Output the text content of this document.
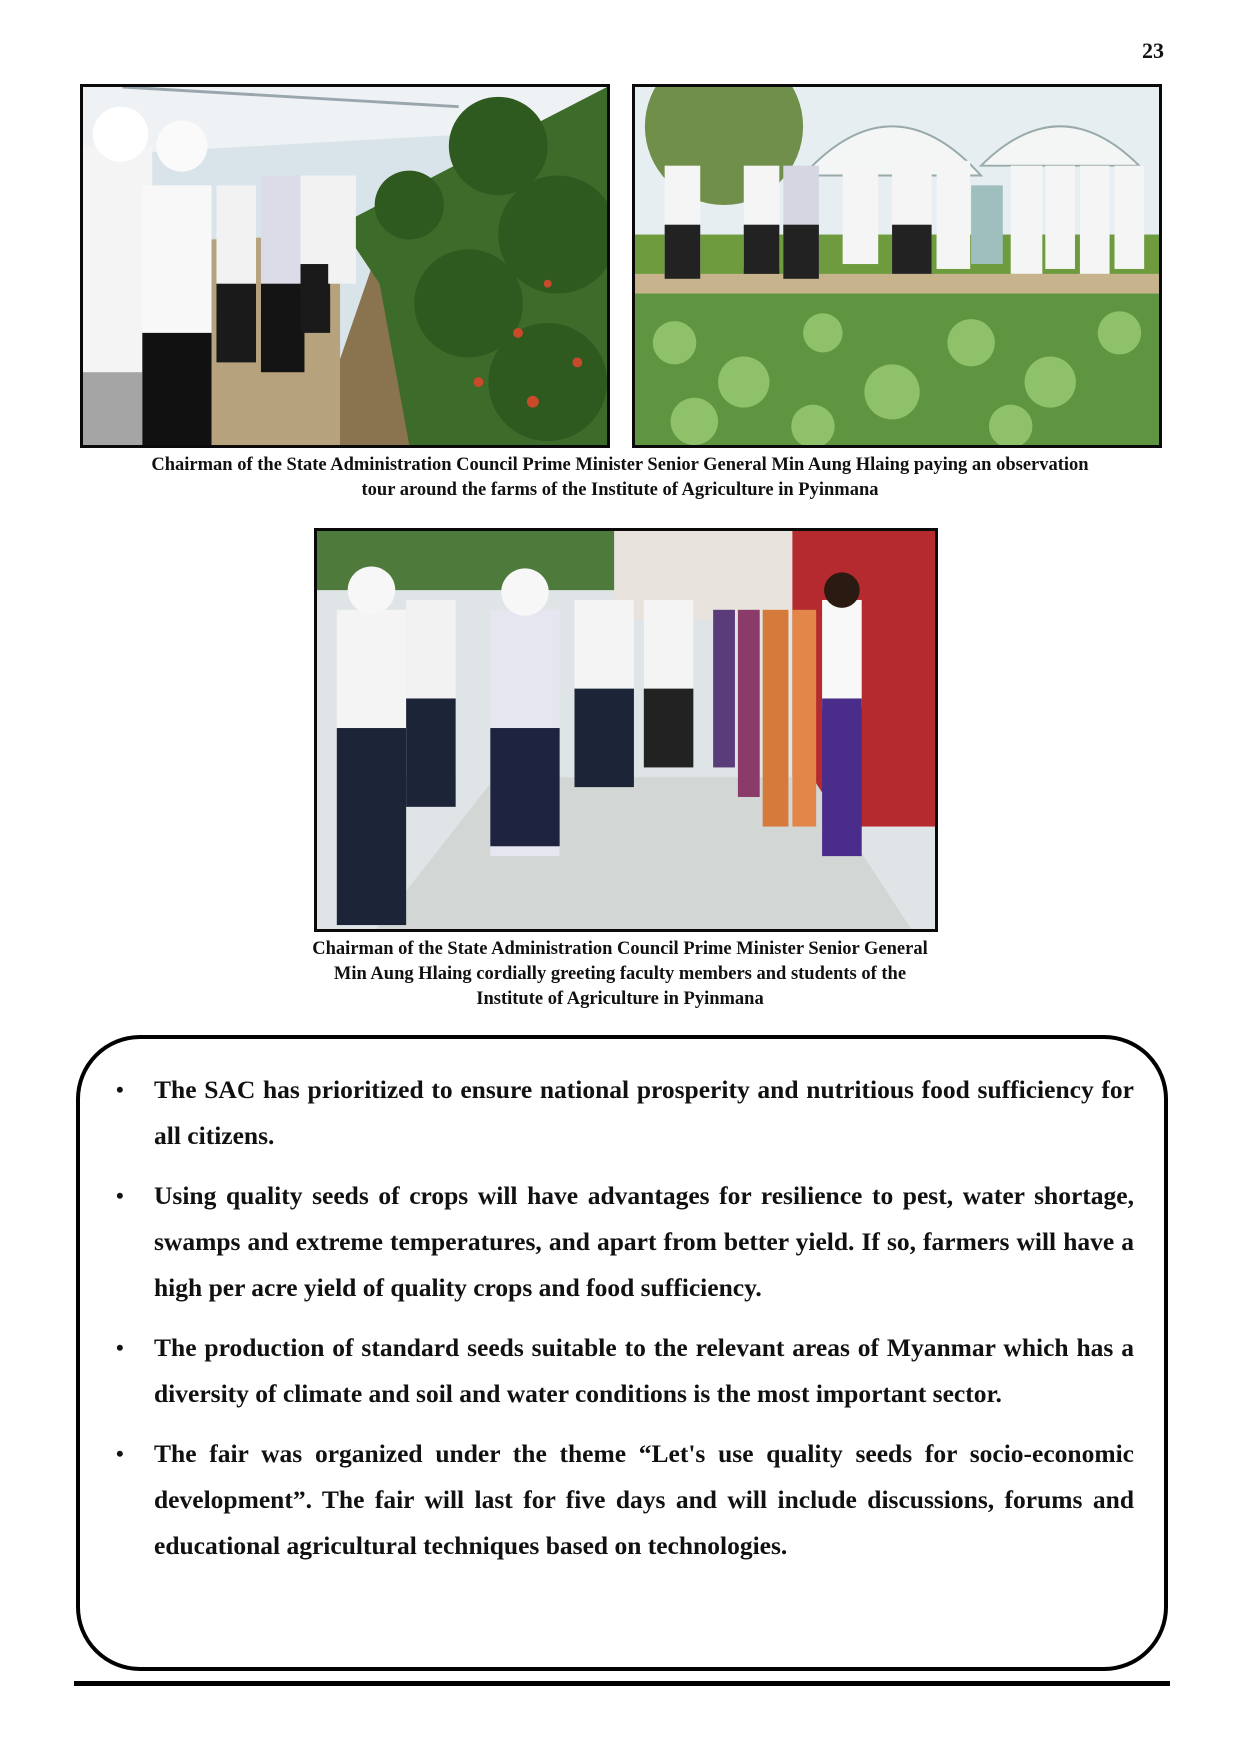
23
Chairman of the State Administration Council Prime Minister Senior General Min Aung Hlaing paying an observation
tour around the farms of the Institute of Agriculture in Pyinmana
Chairman of the State Administration Council Prime Minister Senior General
Min Aung Hlaing cordially greeting faculty members and students of the
Institute of Agriculture in Pyinmana
• The SAC has prioritized to ensure national prosperity and nutritious food sufficiency for all citizens.
• Using quality seeds of crops will have advantages for resilience to pest, water shortage, swamps and extreme temperatures, and apart from better yield. If so, farmers will have a high per acre yield of quality crops and food sufficiency.
• The production of standard seeds suitable to the relevant areas of Myanmar which has a diversity of climate and soil and water conditions is the most important sector.
• The fair was organized under the theme “Let's use quality seeds for socio-economic development”. The fair will last for five days and will include discussions, forums and educational agricultural techniques based on technologies.
